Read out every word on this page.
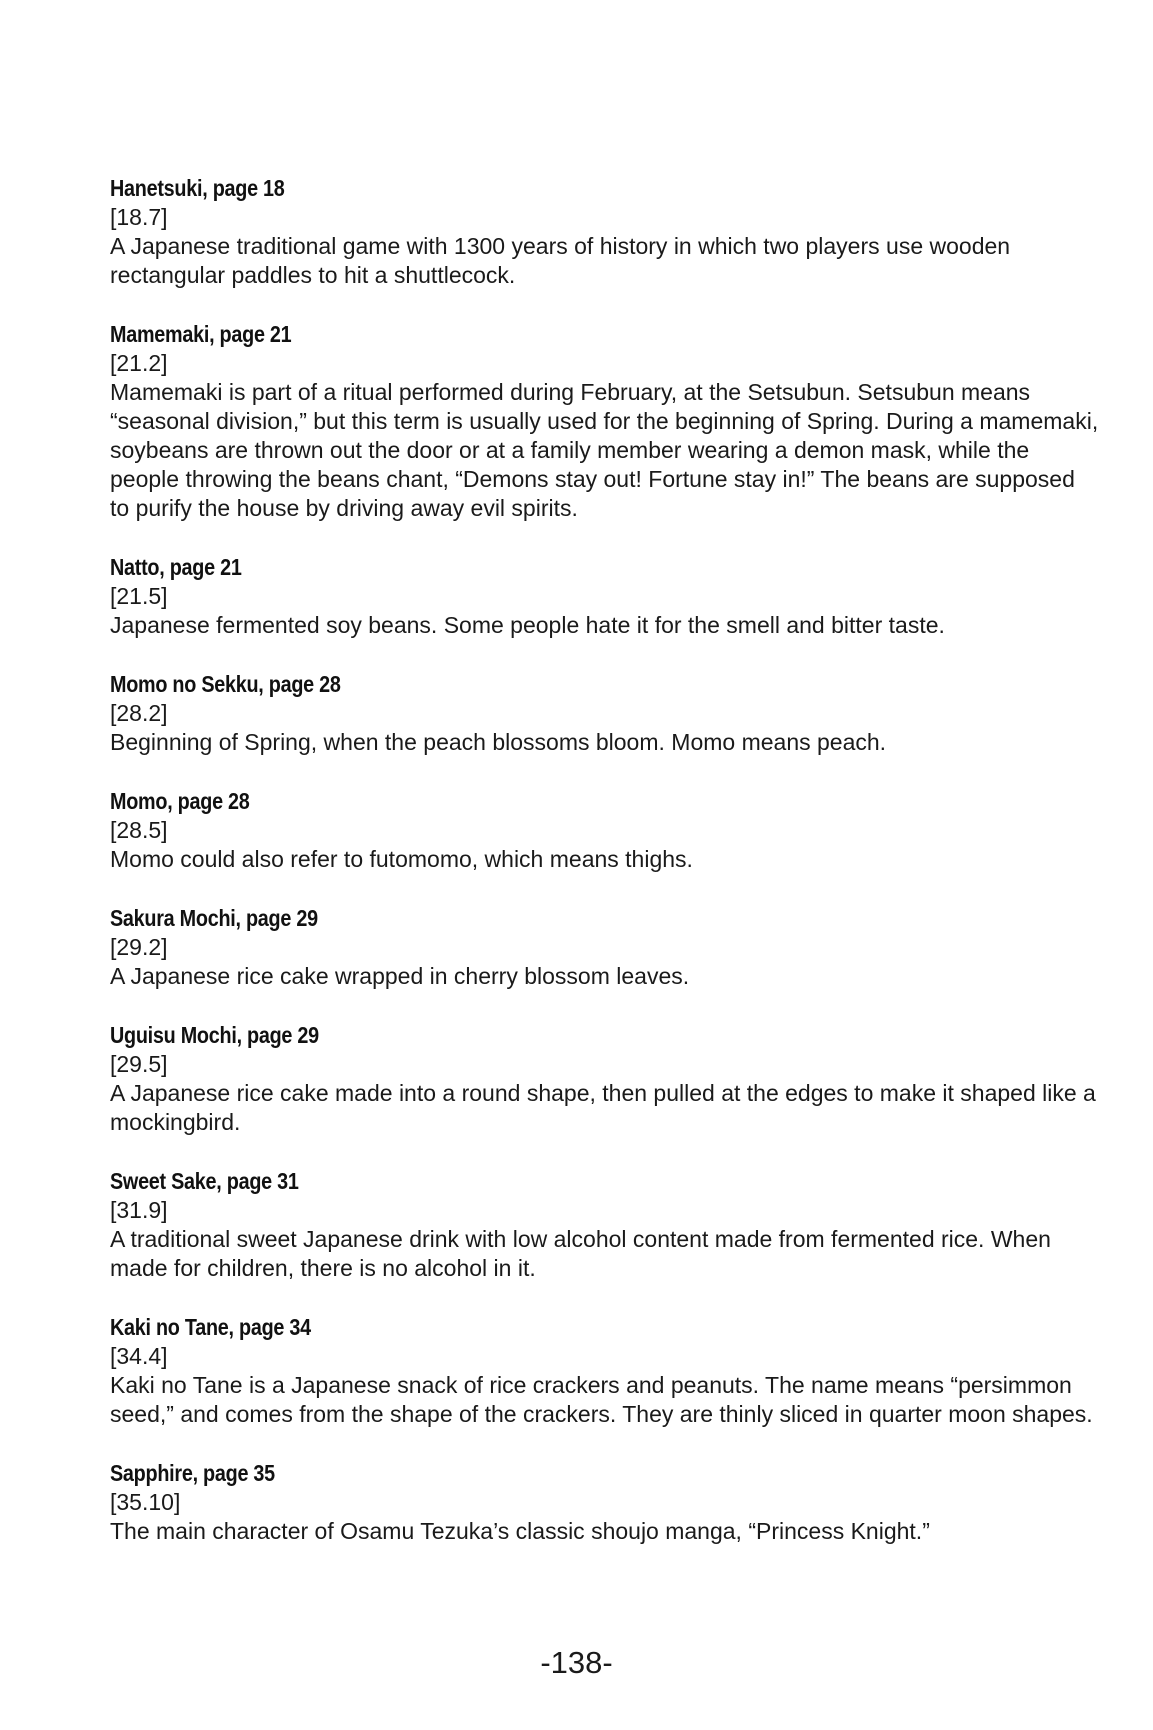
Hanetsuki, page 18
[18.7]
A Japanese traditional game with 1300 years of history in which two players use wooden rectangular paddles to hit a shuttlecock.
Mamemaki, page 21
[21.2]
Mamemaki is part of a ritual performed during February, at the Setsubun. Setsubun means “seasonal division,” but this term is usually used for the beginning of Spring. During a mamemaki, soybeans are thrown out the door or at a family member wearing a demon mask, while the people throwing the beans chant, “Demons stay out! Fortune stay in!” The beans are supposed to purify the house by driving away evil spirits.
Natto, page 21
[21.5]
Japanese fermented soy beans. Some people hate it for the smell and bitter taste.
Momo no Sekku, page 28
[28.2]
Beginning of Spring, when the peach blossoms bloom. Momo means peach.
Momo, page 28
[28.5]
Momo could also refer to futomomo, which means thighs.
Sakura Mochi, page 29
[29.2]
A Japanese rice cake wrapped in cherry blossom leaves.
Uguisu Mochi, page 29
[29.5]
A Japanese rice cake made into a round shape, then pulled at the edges to make it shaped like a mockingbird.
Sweet Sake, page 31
[31.9]
A traditional sweet Japanese drink with low alcohol content made from fermented rice. When made for children, there is no alcohol in it.
Kaki no Tane, page 34
[34.4]
Kaki no Tane is a Japanese snack of rice crackers and peanuts. The name means “persimmon seed,” and comes from the shape of the crackers. They are thinly sliced in quarter moon shapes.
Sapphire, page 35
[35.10]
The main character of Osamu Tezuka’s classic shoujo manga, “Princess Knight.”
-138-
